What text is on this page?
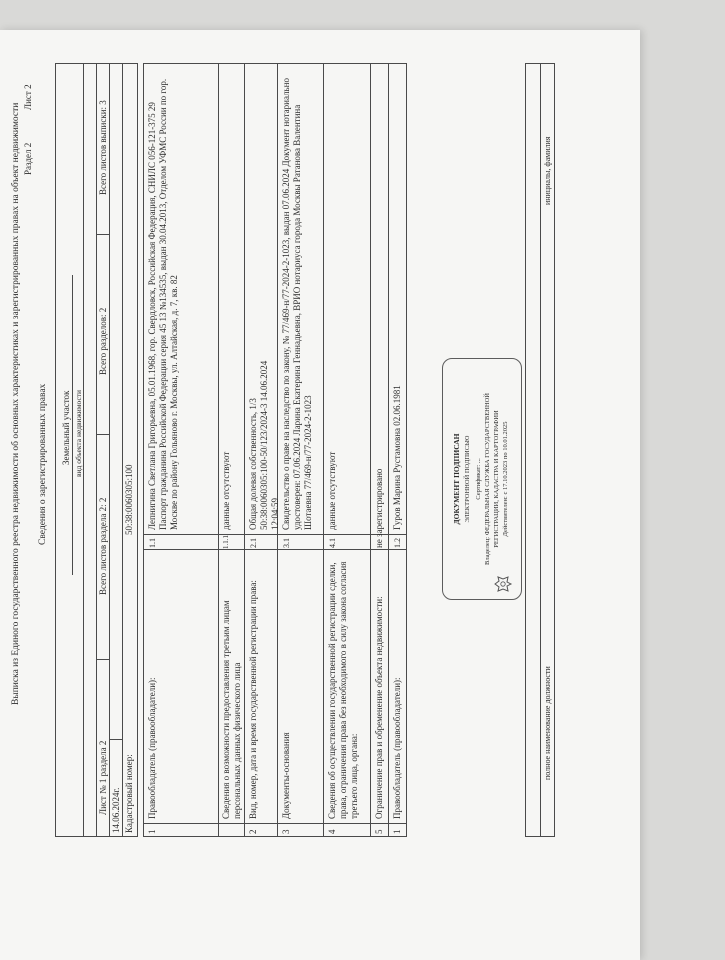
Выписка из Единого государственного реестра недвижимости об основных характеристиках и зарегистрированных правах на объект недвижимости Раздел 2
Лист 2
Сведения о зарегистрированных правах Земельный участок вид объекта недвижимости
Лист № 1 раздела 2
Всего листов раздела 2: 2
Всего разделов: 2
Всего листов выписки: 3
14.06.2024г. Кадастровый номер:
50:38:0060305:100
1
Правообладатель (правообладатели):
1.1
Лепнигина Светлана Григорьевна, 05.01.1968, гор. Свердловск, Российская Федерация, СНИЛС 056-121-375 29 Паспорт гражданина Российской Федерации серия 45 13 №134535, выдан 30.04.2013, Отделом УФМС России по гор. Москве по району Гольяново г. Москвы, ул. Алтайская, д. 7, кв. 82
Сведения о возможности предоставления третьим лицам персональных данных физического лица
1.1.1
данные отсутствуют
2
Вид, номер, дата и время государственной регистрации права:
2.1
Общая долевая собственность, 1/3 50:38:0060305:100-50/123/2024-3 14.06.2024 12:04:59
3
Документы-основания
3.1
Свидетельство о праве на наследство по закону, № 77/469-н/77-2024-2-1023, выдан 07.06.2024 Документ нотариально удостоверен: 07.06.2024 Ларина Екатерина Геннадьевна, ВРИО нотариуса города Москвы Ратанова Валентина Шотаевна 77/469-н/77-2024-2-1023
4
Сведения об осуществлении государственной регистрации сделки, права, ограничения права без необходимого в силу закона согласия третьего лица, органа:
4.1
данные отсутствуют
5
Ограничение прав и обременение объекта недвижимости:
не зарегистрировано
1
Правообладатель (правообладатели):
1.2
Гуров Марина Рустамовна 02.06.1981
полное наименование должности
инициалы, фамилия
ДОКУМЕНТ ПОДПИСАН ЭЛЕКТРОННОЙ ПОДПИСЬЮ Сертификат: ... Владелец: ФЕДЕРАЛЬНАЯ СЛУЖБА ГОСУДАРСТВЕННОЙ РЕГИСТРАЦИИ, КАДАСТРА И КАРТОГРАФИИ Действителен: с 17.10.2023 по 10.01.2025
